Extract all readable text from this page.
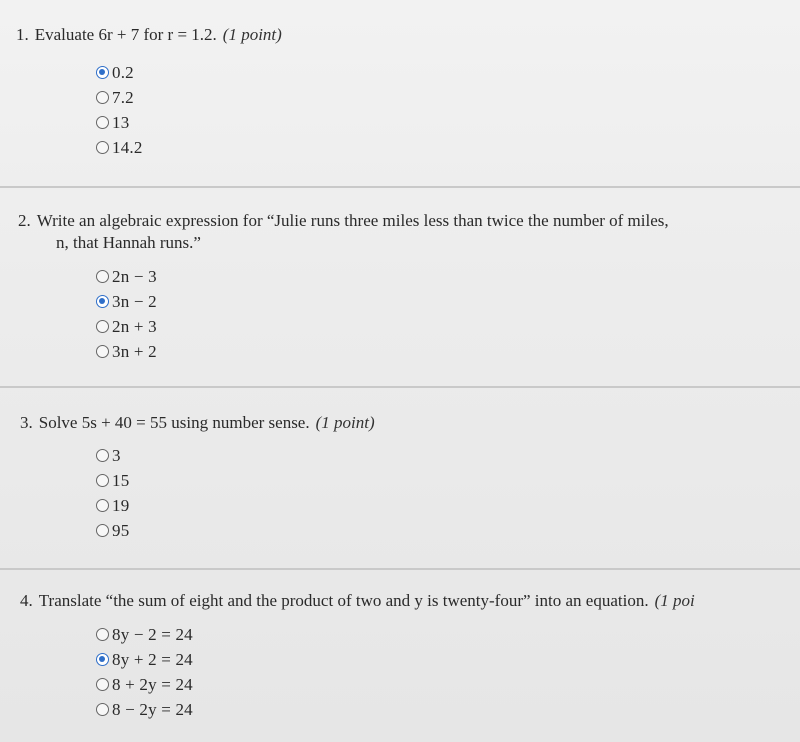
1. Evaluate 6r + 7 for r = 1.2. (1 point)
0.2
7.2
13
14.2
2. Write an algebraic expression for “Julie runs three miles less than twice the number of miles,
n, that Hannah runs.”
2n − 3
3n − 2
2n + 3
3n + 2
3. Solve 5s + 40 = 55 using number sense. (1 point)
3
15
19
95
4. Translate “the sum of eight and the product of two and y is twenty-four” into an equation. (1 poi
8y − 2 = 24
8y + 2 = 24
8 + 2y = 24
8 − 2y = 24
